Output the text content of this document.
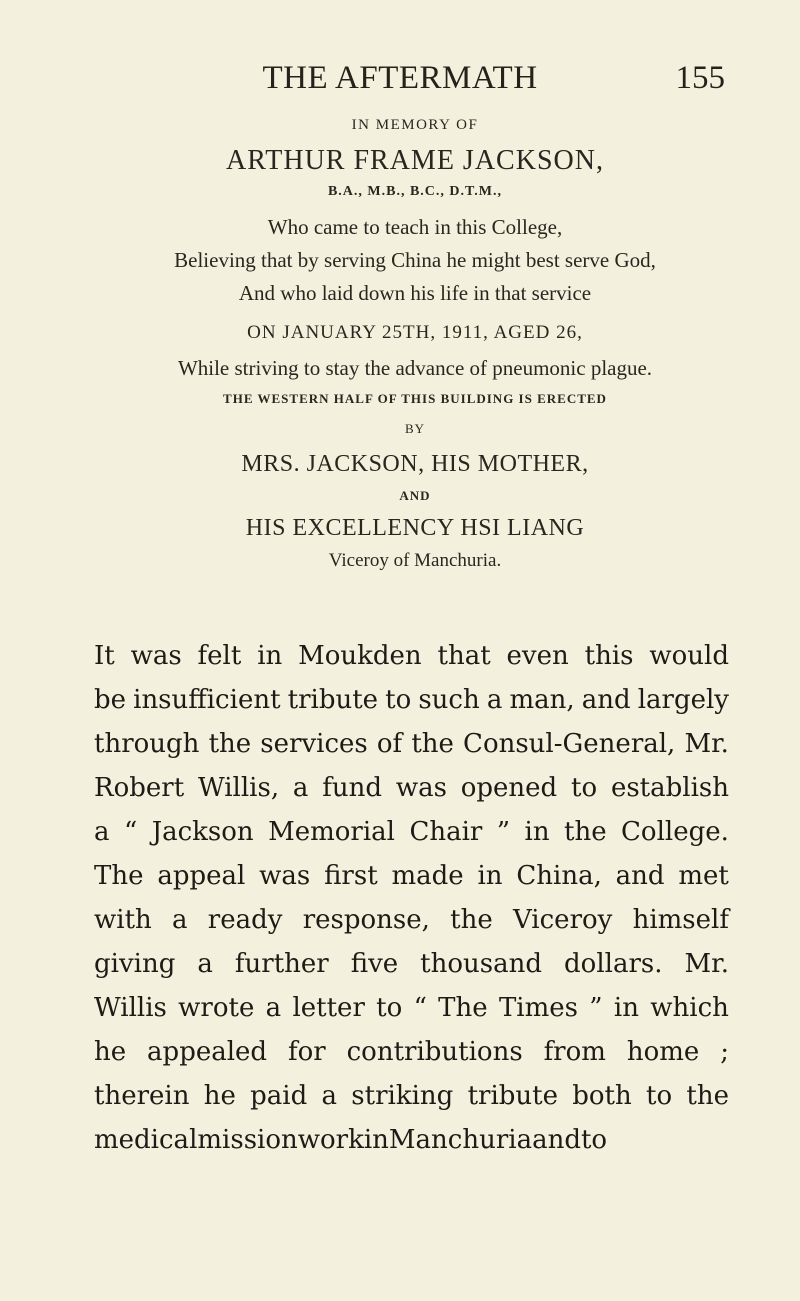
THE AFTERMATH	155
IN MEMORY OF
ARTHUR FRAME JACKSON,
B.A., M.B., B.C., D.T.M.,
Who came to teach in this College,
Believing that by serving China he might best serve God,
And who laid down his life in that service
ON JANUARY 25TH, 1911, AGED 26,
While striving to stay the advance of pneumonic plague.
THE WESTERN HALF OF THIS BUILDING IS ERECTED
BY
MRS. JACKSON, HIS MOTHER,
AND
HIS EXCELLENCY HSI LIANG
Viceroy of Manchuria.
It was felt in Moukden that even this would
be insufficient tribute to such a man, and largely
through the services of the Consul-General, Mr.
Robert Willis, a fund was opened to establish
a “ Jackson Memorial Chair ” in the College.
The appeal was first made in China, and met
with a ready response, the Viceroy himself
giving a further five thousand dollars. Mr.
Willis wrote a letter to “ The Times ” in which
he appealed for contributions from home ;
therein he paid a striking tribute both to the
medical mission work in Manchuria and to
